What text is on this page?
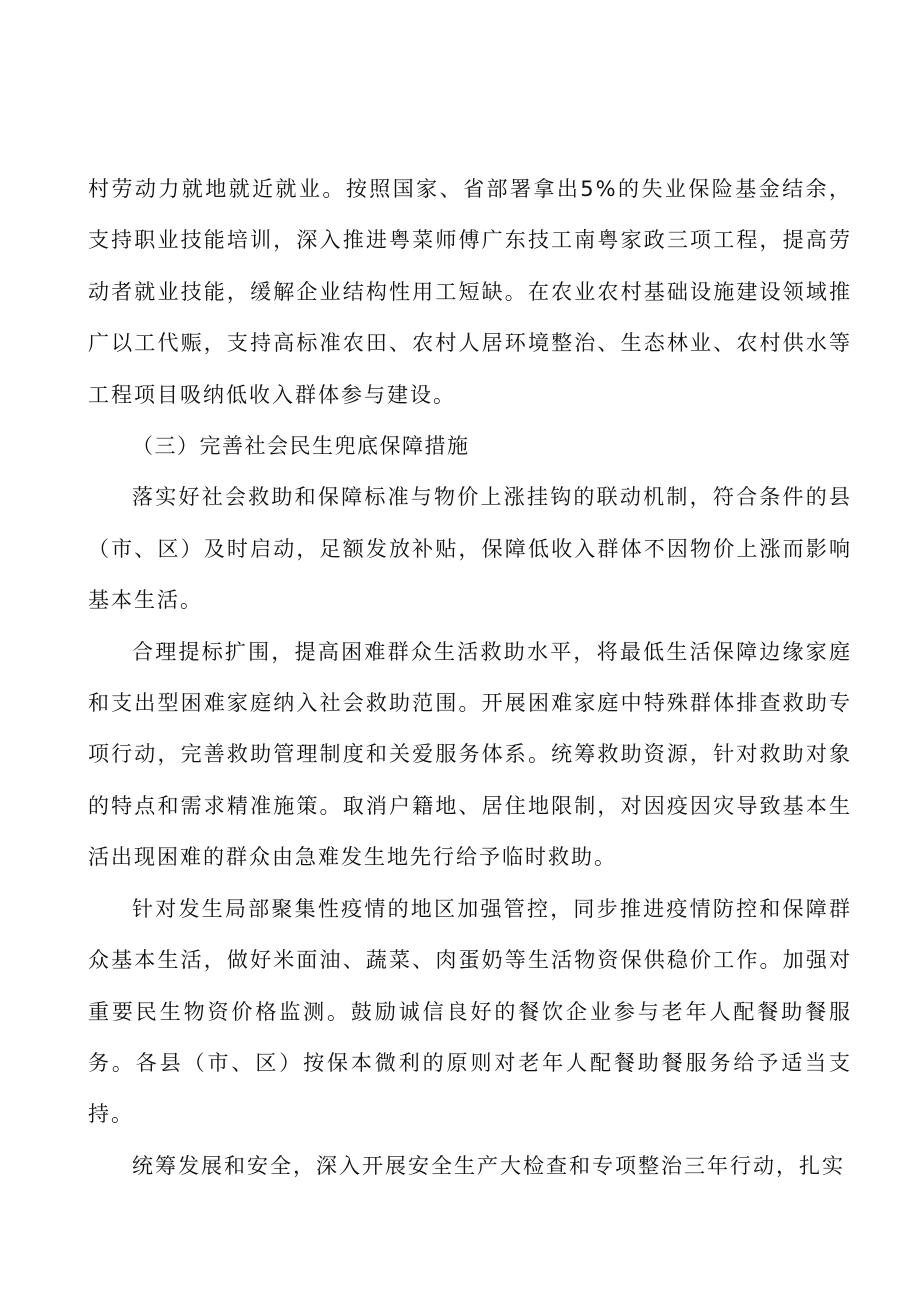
村劳动力就地就近就业。按照国家、省部署拿出5%的失业保险基金结余，支持职业技能培训，深入推进粤菜师傅广东技工南粤家政三项工程，提高劳动者就业技能，缓解企业结构性用工短缺。在农业农村基础设施建设领域推广以工代赈，支持高标准农田、农村人居环境整治、生态林业、农村供水等工程项目吸纳低收入群体参与建设。

（三）完善社会民生兜底保障措施

落实好社会救助和保障标准与物价上涨挂钩的联动机制，符合条件的县（市、区）及时启动，足额发放补贴，保障低收入群体不因物价上涨而影响基本生活。

合理提标扩围，提高困难群众生活救助水平，将最低生活保障边缘家庭和支出型困难家庭纳入社会救助范围。开展困难家庭中特殊群体排查救助专项行动，完善救助管理制度和关爱服务体系。统筹救助资源，针对救助对象的特点和需求精准施策。取消户籍地、居住地限制，对因疫因灾导致基本生活出现困难的群众由急难发生地先行给予临时救助。

针对发生局部聚集性疫情的地区加强管控，同步推进疫情防控和保障群众基本生活，做好米面油、蔬菜、肉蛋奶等生活物资保供稳价工作。加强对重要民生物资价格监测。鼓励诚信良好的餐饮企业参与老年人配餐助餐服务。各县（市、区）按保本微利的原则对老年人配餐助餐服务给予适当支持。

统筹发展和安全，深入开展安全生产大检查和专项整治三年行动，扎实
